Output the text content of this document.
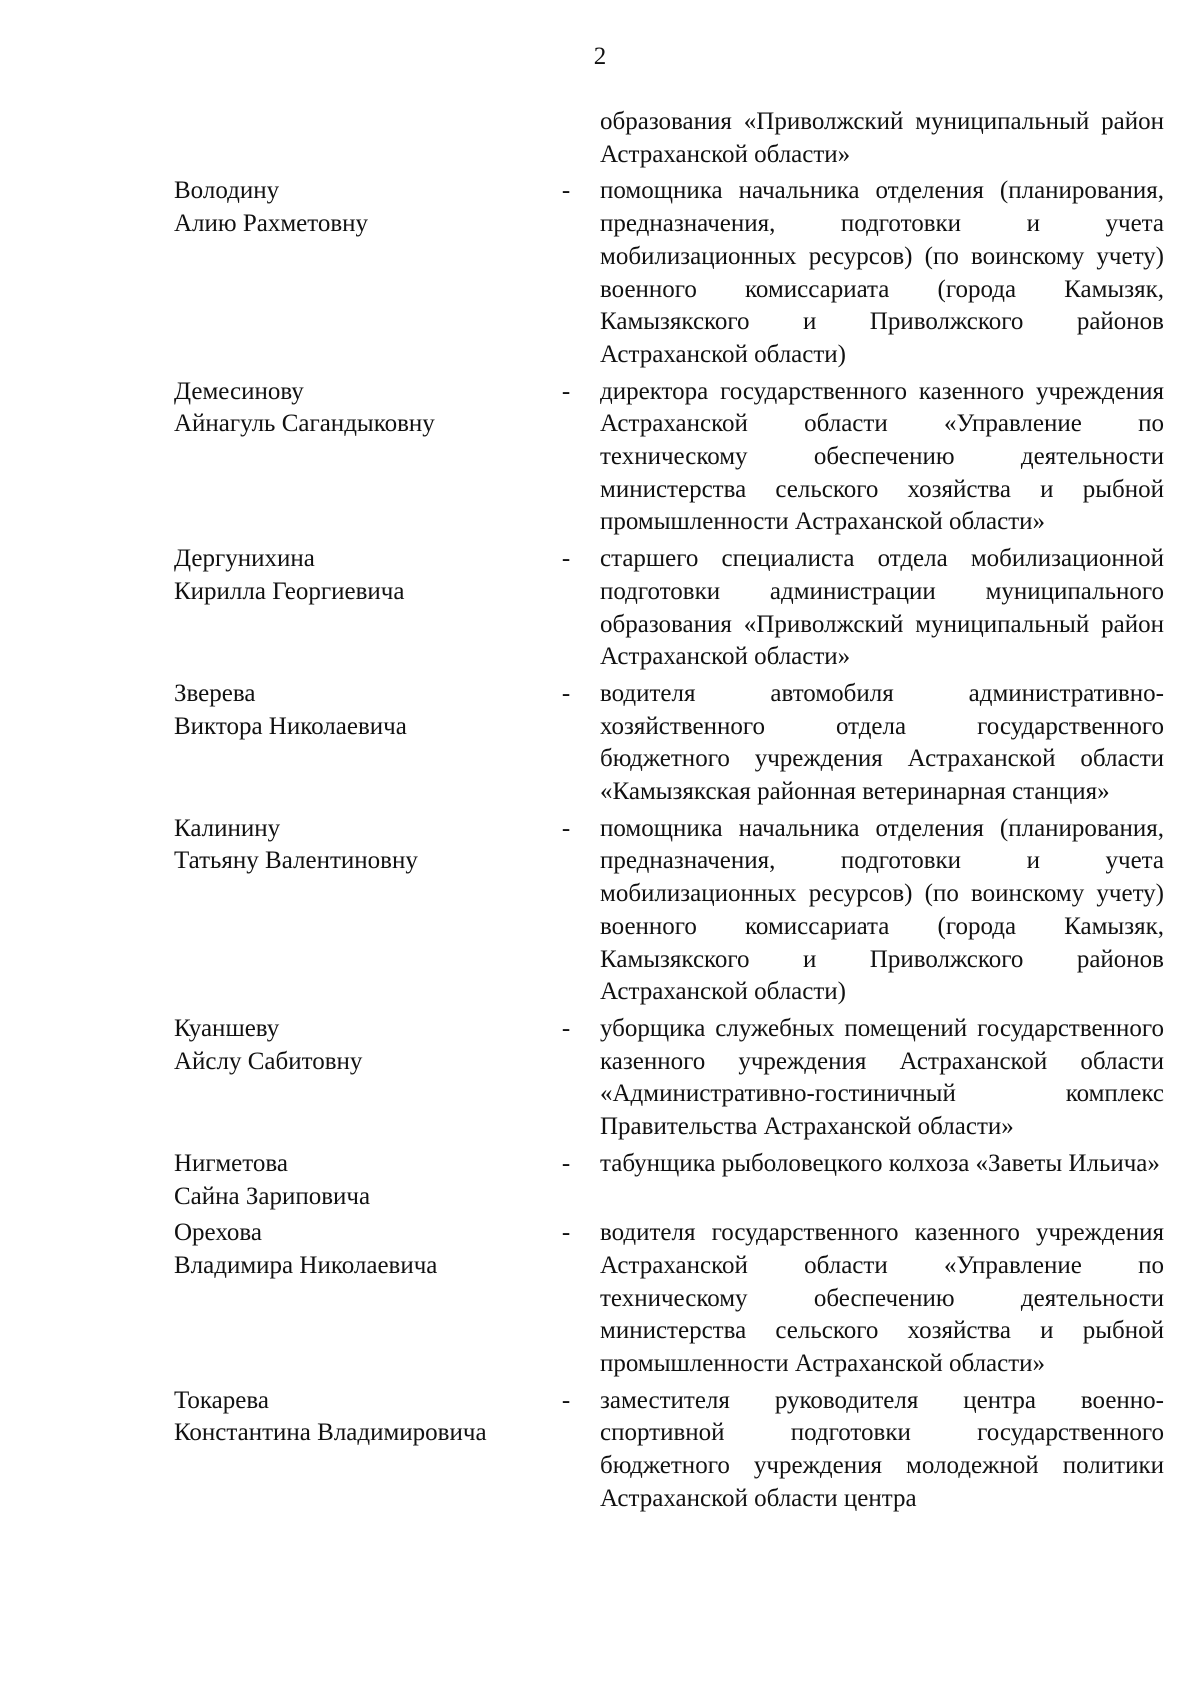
2
образования «Приволжский муниципальный район Астраханской области»
Володину
Алию Рахметовну
-	помощника начальника отделения (планирования, предназначения, подготовки и учета мобилизационных ресурсов) (по воинскому учету) военного комиссариата (города Камызяк, Камызякского и Приволжского районов Астраханской области)
Демесинову
Айнагуль Сагандыковну
-	директора государственного казенного учреждения Астраханской области «Управление по техническому обеспечению деятельности министерства сельского хозяйства и рыбной промышленности Астраханской области»
Дергунихина
Кирилла Георгиевича
-	старшего специалиста отдела мобилизационной подготовки администрации муниципального образования «Приволжский муниципальный район Астраханской области»
Зверева
Виктора Николаевича
-	водителя автомобиля административно-хозяйственного отдела государственного бюджетного учреждения Астраханской области «Камызякская районная ветеринарная станция»
Калинину
Татьяну Валентиновну
-	помощника начальника отделения (планирования, предназначения, подготовки и учета мобилизационных ресурсов) (по воинскому учету) военного комиссариата (города Камызяк, Камызякского и Приволжского районов Астраханской области)
Куаншеву
Айслу Сабитовну
-	уборщика служебных помещений государственного казенного учреждения Астраханской области «Административно-гостиничный комплекс Правительства Астраханской области»
Нигметова
Сайна Зариповича
-	табунщика рыболовецкого колхоза «Заветы Ильича»
Орехова
Владимира Николаевича
-	водителя государственного казенного учреждения Астраханской области «Управление по техническому обеспечению деятельности министерства сельского хозяйства и рыбной промышленности Астраханской области»
Токарева
Константина Владимировича
-	заместителя руководителя центра военно-спортивной подготовки государственного бюджетного учреждения молодежной политики Астраханской области центра
